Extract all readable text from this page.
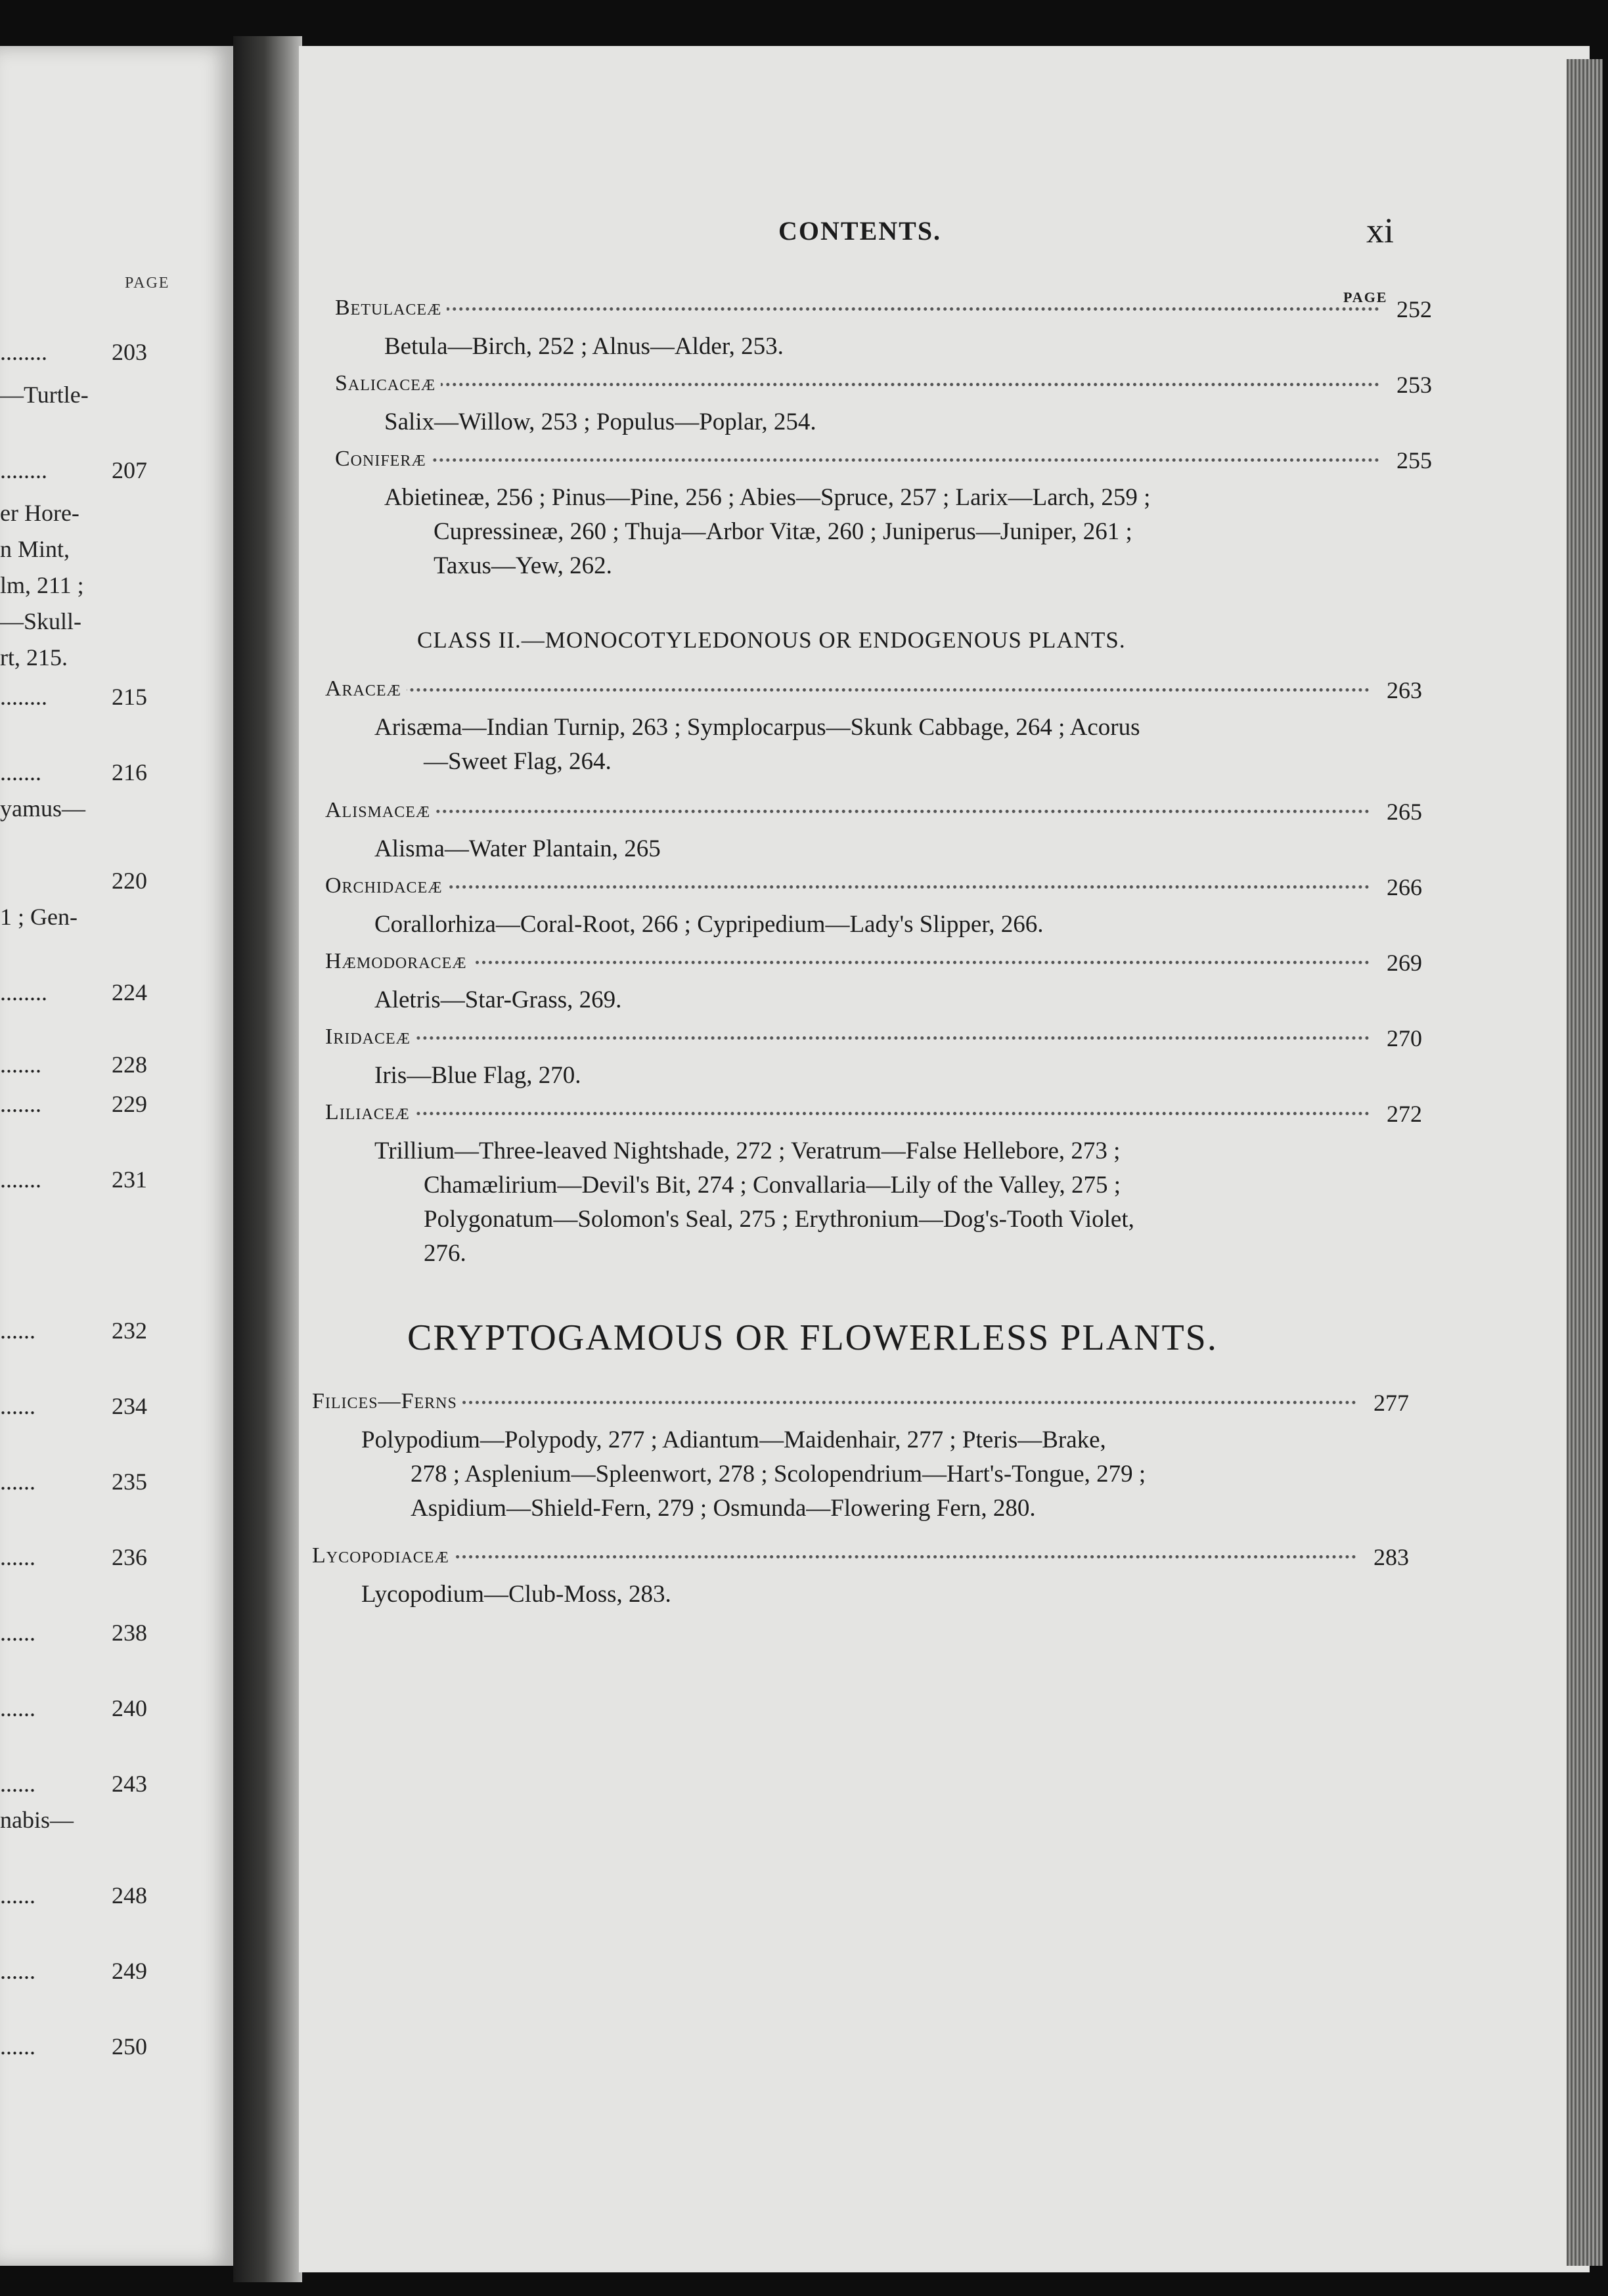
PAGE
........	203
—Turtle-
........	207
er Hore-
n Mint,
lm, 211 ;
—Skull-
rt, 215.
........	215
.......	216
yamus—
220
1 ; Gen-
........	224
.......	228
.......	229
.......	231
......	232
......	234
......	235
......	236
......	238
......	240
......	243
nabis—
......	248
......	249
......	250
CONTENTS.	xi
PAGE
Betulaceæ	252
Betula—Birch, 252 ; Alnus—Alder, 253.
Salicaceæ	253
Salix—Willow, 253 ; Populus—Poplar, 254.
Coniferæ	255
Abietineæ, 256 ; Pinus—Pine, 256 ; Abies—Spruce, 257 ; Larix—Larch, 259 ;
Cupressineæ, 260 ; Thuja—Arbor Vitæ, 260 ; Juniperus—Juniper, 261 ;
Taxus—Yew, 262.
CLASS II.—MONOCOTYLEDONOUS OR ENDOGENOUS PLANTS.
Araceæ	263
Arisæma—Indian Turnip, 263 ; Symplocarpus—Skunk Cabbage, 264 ; Acorus
—Sweet Flag, 264.
Alismaceæ	265
Alisma—Water Plantain, 265
Orchidaceæ	266
Corallorhiza—Coral-Root, 266 ; Cypripedium—Lady's Slipper, 266.
Hæmodoraceæ	269
Aletris—Star-Grass, 269.
Iridaceæ	270
Iris—Blue Flag, 270.
Liliaceæ	272
Trillium—Three-leaved Nightshade, 272 ; Veratrum—False Hellebore, 273 ;
Chamælirium—Devil's Bit, 274 ; Convallaria—Lily of the Valley, 275 ;
Polygonatum—Solomon's Seal, 275 ; Erythronium—Dog's-Tooth Violet,
276.
CRYPTOGAMOUS OR FLOWERLESS PLANTS.
Filices—Ferns	277
Polypodium—Polypody, 277 ; Adiantum—Maidenhair, 277 ; Pteris—Brake,
278 ; Asplenium—Spleenwort, 278 ; Scolopendrium—Hart's-Tongue, 279 ;
Aspidium—Shield-Fern, 279 ; Osmunda—Flowering Fern, 280.
Lycopodiaceæ	283
Lycopodium—Club-Moss, 283.
